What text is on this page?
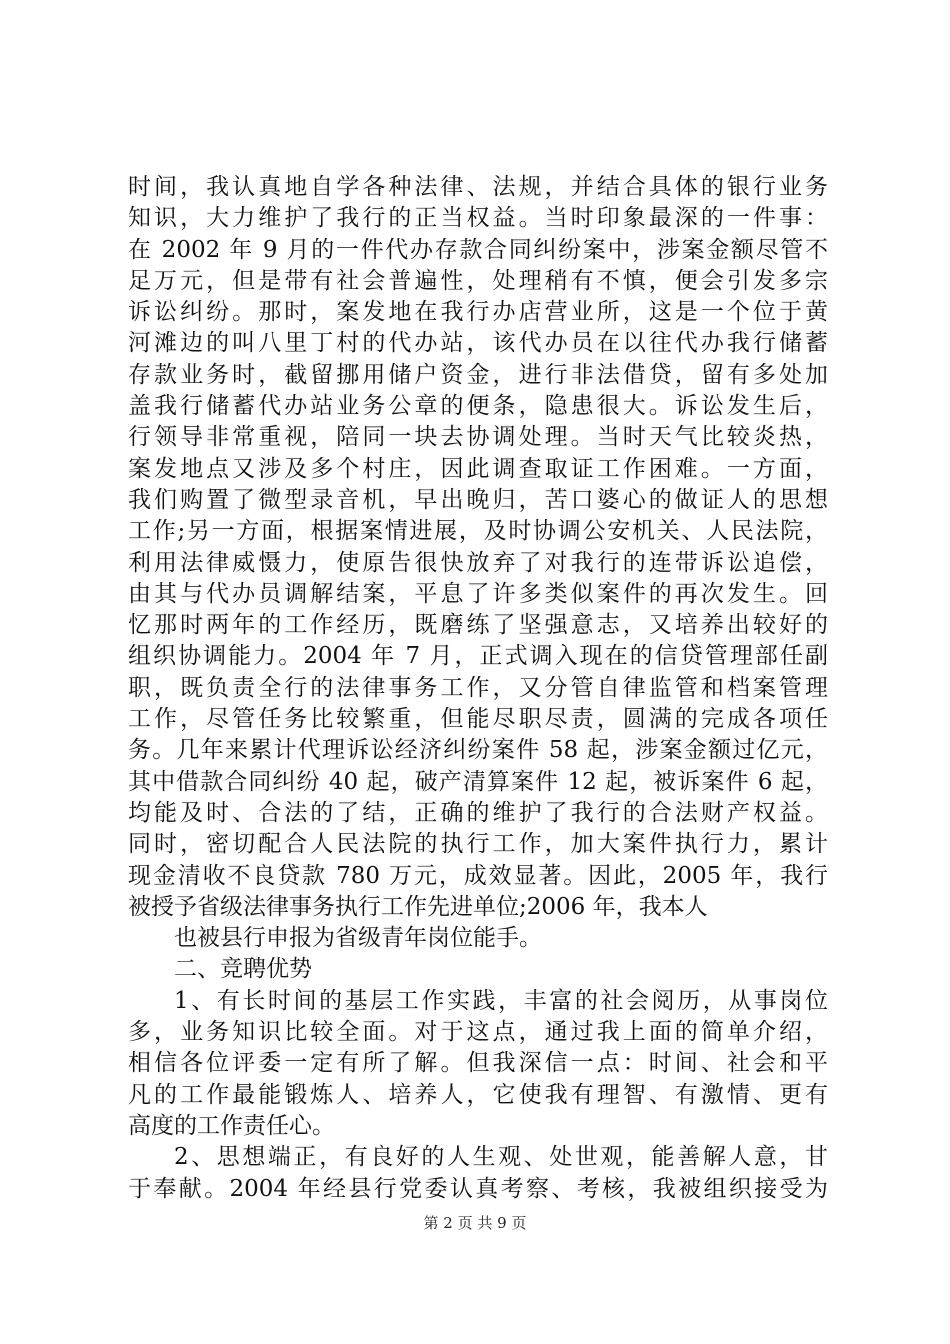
时间，我认真地自学各种法律、法规，并结合具体的银行业务
知识，大力维护了我行的正当权益。当时印象最深的一件事：
在 2002 年 9 月的一件代办存款合同纠纷案中，涉案金额尽管不
足万元，但是带有社会普遍性，处理稍有不慎，便会引发多宗
诉讼纠纷。那时，案发地在我行办店营业所，这是一个位于黄
河滩边的叫八里丁村的代办站，该代办员在以往代办我行储蓄
存款业务时，截留挪用储户资金，进行非法借贷，留有多处加
盖我行储蓄代办站业务公章的便条，隐患很大。诉讼发生后，
行领导非常重视，陪同一块去协调处理。当时天气比较炎热，
案发地点又涉及多个村庄，因此调查取证工作困难。一方面，
我们购置了微型录音机，早出晚归，苦口婆心的做证人的思想
工作;另一方面，根据案情进展，及时协调公安机关、人民法院，
利用法律威慑力，使原告很快放弃了对我行的连带诉讼追偿，
由其与代办员调解结案，平息了许多类似案件的再次发生。回
忆那时两年的工作经历，既磨练了坚强意志，又培养出较好的
组织协调能力。2004 年 7 月，正式调入现在的信贷管理部任副
职，既负责全行的法律事务工作，又分管自律监管和档案管理
工作，尽管任务比较繁重，但能尽职尽责，圆满的完成各项任
务。几年来累计代理诉讼经济纠纷案件 58 起，涉案金额过亿元，
其中借款合同纠纷 40 起，破产清算案件 12 起，被诉案件 6 起，
均能及时、合法的了结，正确的维护了我行的合法财产权益。
同时，密切配合人民法院的执行工作，加大案件执行力，累计
现金清收不良贷款 780 万元，成效显著。因此，2005 年，我行
被授予省级法律事务执行工作先进单位;2006 年，我本人
也被县行申报为省级青年岗位能手。
二、竞聘优势
1、有长时间的基层工作实践，丰富的社会阅历，从事岗位
多，业务知识比较全面。对于这点，通过我上面的简单介绍，
相信各位评委一定有所了解。但我深信一点：时间、社会和平
凡的工作最能锻炼人、培养人，它使我有理智、有激情、更有
高度的工作责任心。
2、思想端正，有良好的人生观、处世观，能善解人意，甘
于奉献。2004 年经县行党委认真考察、考核，我被组织接受为
第 2 页 共 9 页
